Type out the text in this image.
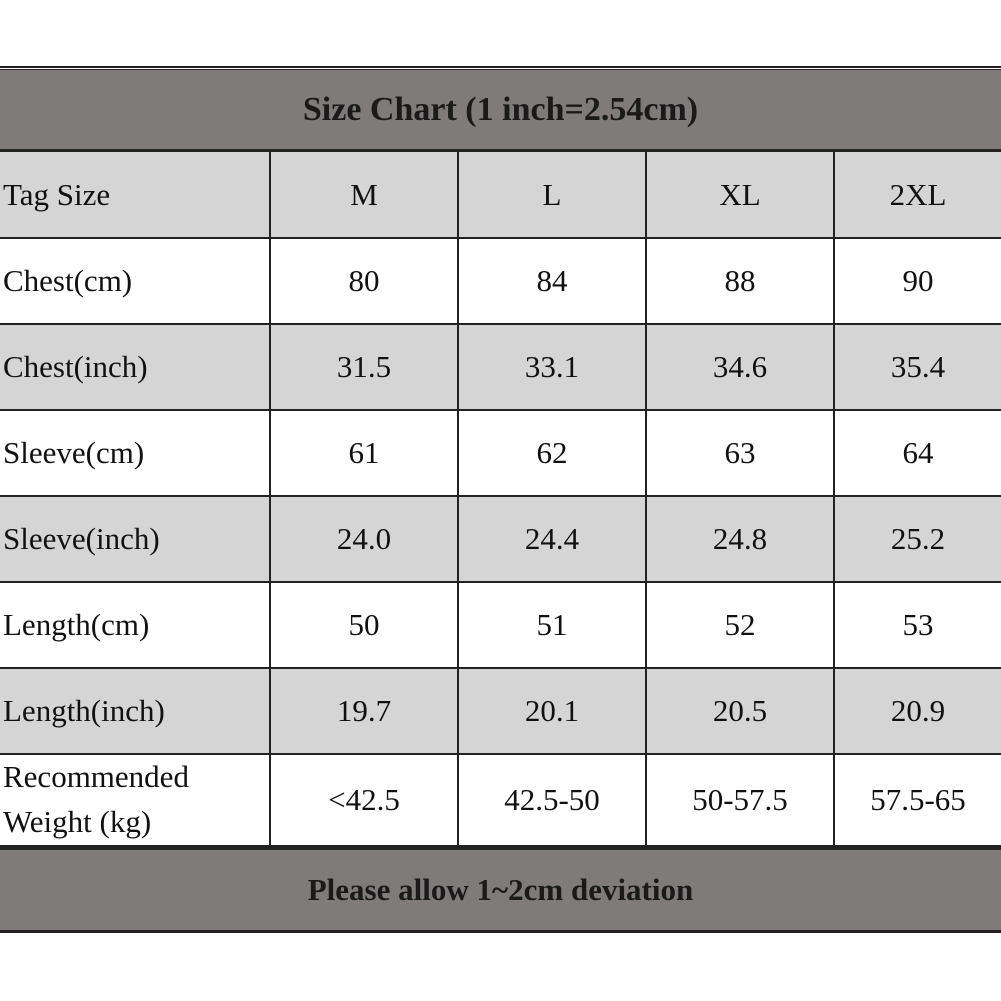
Size Chart (1 inch=2.54cm)
Tag Size	M	L	XL	2XL
Chest(cm)	80	84	88	90
Chest(inch)	31.5	33.1	34.6	35.4
Sleeve(cm)	61	62	63	64
Sleeve(inch)	24.0	24.4	24.8	25.2
Length(cm)	50	51	52	53
Length(inch)	19.7	20.1	20.5	20.9
Recommended
Weight (kg)	<42.5	42.5-50	50-57.5	57.5-65
Please allow 1~2cm deviation
